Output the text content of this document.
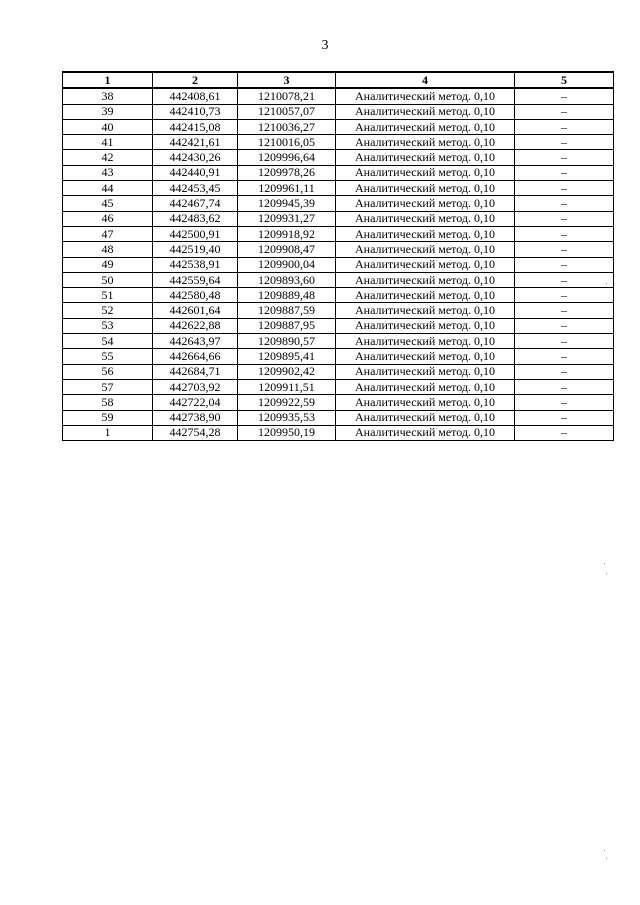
3
1	2	3	4	5
38	442408,61	1210078,21	Аналитический метод. 0,10	–
39	442410,73	1210057,07	Аналитический метод. 0,10	–
40	442415,08	1210036,27	Аналитический метод. 0,10	–
41	442421,61	1210016,05	Аналитический метод. 0,10	–
42	442430,26	1209996,64	Аналитический метод. 0,10	–
43	442440,91	1209978,26	Аналитический метод. 0,10	–
44	442453,45	1209961,11	Аналитический метод. 0,10	–
45	442467,74	1209945,39	Аналитический метод. 0,10	–
46	442483,62	1209931,27	Аналитический метод. 0,10	–
47	442500,91	1209918,92	Аналитический метод. 0,10	–
48	442519,40	1209908,47	Аналитический метод. 0,10	–
49	442538,91	1209900,04	Аналитический метод. 0,10	–
50	442559,64	1209893,60	Аналитический метод. 0,10	–
51	442580,48	1209889,48	Аналитический метод. 0,10	–
52	442601,64	1209887,59	Аналитический метод. 0,10	–
53	442622,88	1209887,95	Аналитический метод. 0,10	–
54	442643,97	1209890,57	Аналитический метод. 0,10	–
55	442664,66	1209895,41	Аналитический метод. 0,10	–
56	442684,71	1209902,42	Аналитический метод. 0,10	–
57	442703,92	1209911,51	Аналитический метод. 0,10	–
58	442722,04	1209922,59	Аналитический метод. 0,10	–
59	442738,90	1209935,53	Аналитический метод. 0,10	–
1	442754,28	1209950,19	Аналитический метод. 0,10	–
